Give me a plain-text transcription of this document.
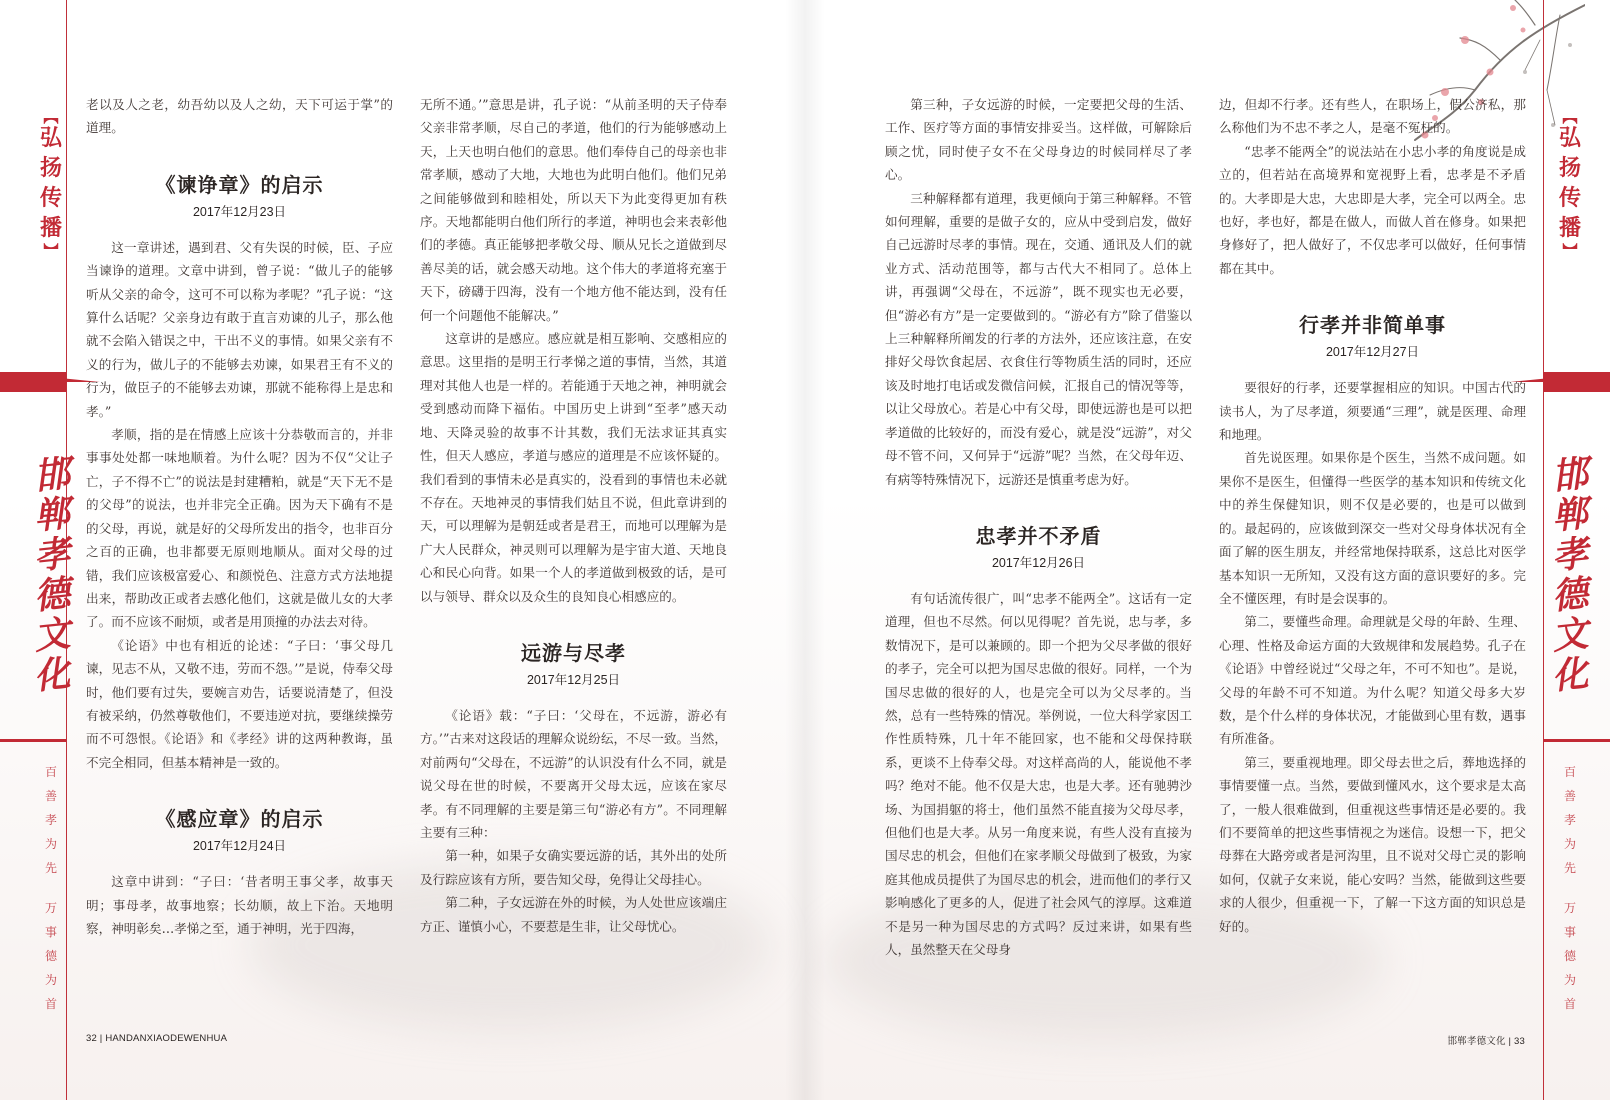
︻
弘
扬
传
播
︼
邯
郸
孝
德
文
化
百
善
孝
为
先
万
事
德
为
首

老以及人之老，幼吾幼以及人之幼，天下可运于掌”的道理。

《谏诤章》的启示
2017年12月23日

这一章讲述，遇到君、父有失误的时候，臣、子应当谏诤的道理。文章中讲到，曾子说：“做儿子的能够听从父亲的命令，这可不可以称为孝呢？”孔子说：“这算什么话呢？父亲身边有敢于直言劝谏的儿子，那么他就不会陷入错误之中，干出不义的事情。如果父亲有不义的行为，做儿子的不能够去劝谏，如果君王有不义的行为，做臣子的不能够去劝谏，那就不能称得上是忠和孝。”

孝顺，指的是在情感上应该十分恭敬而言的，并非事事处处都一味地顺着。为什么呢？因为不仅“父让子亡，子不得不亡”的说法是封建糟粕，就是“天下无不是的父母”的说法，也并非完全正确。因为天下确有不是的父母，再说，就是好的父母所发出的指令，也非百分之百的正确，也非都要无原则地顺从。面对父母的过错，我们应该极富爱心、和颜悦色、注意方式方法地提出来，帮助改正或者去感化他们，这就是做儿女的大孝了。而不应该不耐烦，或者是用顶撞的办法去对待。

《论语》中也有相近的论述：“子曰：‘事父母几谏，见志不从，又敬不违，劳而不怨。’”是说，侍奉父母时，他们要有过失，要婉言劝告，话要说清楚了，但没有被采纳，仍然尊敬他们，不要违逆对抗，要继续操劳而不可怨恨。《论语》和《孝经》讲的这两种教诲，虽不完全相同，但基本精神是一致的。

《感应章》的启示
2017年12月24日

这章中讲到：“子曰：‘昔者明王事父孝，故事天明；事母孝，故事地察；长幼顺，故上下治。天地明察，神明彰矣…孝悌之至，通于神明，光于四海，

无所不通。’”意思是讲，孔子说：“从前圣明的天子侍奉父亲非常孝顺，尽自己的孝道，他们的行为能够感动上天，上天也明白他们的意思。他们奉侍自己的母亲也非常孝顺，感动了大地，大地也为此明白他们。他们兄弟之间能够做到和睦相处，所以天下为此变得更加有秩序。天地都能明白他们所行的孝道，神明也会来表彰他们的孝德。真正能够把孝敬父母、顺从兄长之道做到尽善尽美的话，就会感天动地。这个伟大的孝道将充塞于天下，磅礴于四海，没有一个地方他不能达到，没有任何一个问题他不能解决。”

这章讲的是感应。感应就是相互影响、交感相应的意思。这里指的是明王行孝悌之道的事情，当然，其道理对其他人也是一样的。若能通于天地之神，神明就会受到感动而降下福佑。中国历史上讲到“至孝”感天动地、天降灵验的故事不计其数，我们无法求证其真实性，但天人感应，孝道与感应的道理是不应该怀疑的。我们看到的事情未必是真实的，没看到的事情也未必就不存在。天地神灵的事情我们姑且不说，但此章讲到的天，可以理解为是朝廷或者是君王，而地可以理解为是广大人民群众，神灵则可以理解为是宇宙大道、天地良心和民心向背。如果一个人的孝道做到极致的话，是可以与领导、群众以及众生的良知良心相感应的。

远游与尽孝
2017年12月25日

《论语》载：“子曰：‘父母在，不远游，游必有方。’”古来对这段话的理解众说纷纭，不尽一致。当然，对前两句“父母在，不远游”的认识没有什么不同，就是说父母在世的时候，不要离开父母太远，应该在家尽孝。有不同理解的主要是第三句“游必有方”。不同理解主要有三种：

第一种，如果子女确实要远游的话，其外出的处所及行踪应该有方所，要告知父母，免得让父母挂心。

第二种，子女远游在外的时候，为人处世应该端庄方正、谨慎小心，不要惹是生非，让父母忧心。

32 | HANDANXIAODEWENHUA
︻
弘
扬
传
播
︼
邯
郸
孝
德
文
化
百
善
孝
为
先
万
事
德
为
首

第三种，子女远游的时候，一定要把父母的生活、工作、医疗等方面的事情安排妥当。这样做，可解除后顾之忧，同时使子女不在父母身边的时候同样尽了孝心。

三种解释都有道理，我更倾向于第三种解释。不管如何理解，重要的是做子女的，应从中受到启发，做好自己远游时尽孝的事情。现在，交通、通讯及人们的就业方式、活动范围等，都与古代大不相同了。总体上讲，再强调“父母在，不远游”，既不现实也无必要，但“游必有方”是一定要做到的。“游必有方”除了借鉴以上三种解释所阐发的行孝的方法外，还应该注意，在安排好父母饮食起居、衣食住行等物质生活的同时，还应该及时地打电话或发微信问候，汇报自己的情况等等，以让父母放心。若是心中有父母，即使远游也是可以把孝道做的比较好的，而没有爱心，就是没“远游”，对父母不管不问，又何异于“远游”呢？当然，在父母年迈、有病等特殊情况下，远游还是慎重考虑为好。

忠孝并不矛盾
2017年12月26日

有句话流传很广，叫“忠孝不能两全”。这话有一定道理，但也不尽然。何以见得呢？首先说，忠与孝，多数情况下，是可以兼顾的。即一个把为父尽孝做的很好的孝子，完全可以把为国尽忠做的很好。同样，一个为国尽忠做的很好的人，也是完全可以为父尽孝的。当然，总有一些特殊的情况。举例说，一位大科学家因工作性质特殊，几十年不能回家，也不能和父母保持联系，更谈不上侍奉父母。对这样高尚的人，能说他不孝吗？绝对不能。他不仅是大忠，也是大孝。还有驰骋沙场、为国捐躯的将士，他们虽然不能直接为父母尽孝，但他们也是大孝。从另一角度来说，有些人没有直接为国尽忠的机会，但他们在家孝顺父母做到了极致，为家庭其他成员提供了为国尽忠的机会，进而他们的孝行又影响感化了更多的人，促进了社会风气的淳厚。这难道不是另一种为国尽忠的方式吗？反过来讲，如果有些人，虽然整天在父母身

边，但却不行孝。还有些人，在职场上，假公济私，那么称他们为不忠不孝之人，是毫不冤枉的。

“忠孝不能两全”的说法站在小忠小孝的角度说是成立的，但若站在高境界和宽视野上看，忠孝是不矛盾的。大孝即是大忠，大忠即是大孝，完全可以两全。忠也好，孝也好，都是在做人，而做人首在修身。如果把身修好了，把人做好了，不仅忠孝可以做好，任何事情都在其中。

行孝并非简单事
2017年12月27日

要很好的行孝，还要掌握相应的知识。中国古代的读书人，为了尽孝道，须要通“三理”，就是医理、命理和地理。

首先说医理。如果你是个医生，当然不成问题。如果你不是医生，但懂得一些医学的基本知识和传统文化中的养生保健知识，则不仅是必要的，也是可以做到的。最起码的，应该做到深交一些对父母身体状况有全面了解的医生朋友，并经常地保持联系，这总比对医学基本知识一无所知，又没有这方面的意识要好的多。完全不懂医理，有时是会误事的。

第二，要懂些命理。命理就是父母的年龄、生理、心理、性格及命运方面的大致规律和发展趋势。孔子在《论语》中曾经说过“父母之年，不可不知也”。是说，父母的年龄不可不知道。为什么呢？知道父母多大岁数，是个什么样的身体状况，才能做到心里有数，遇事有所准备。

第三，要重视地理。即父母去世之后，葬地选择的事情要懂一点。当然，要做到懂风水，这个要求是太高了，一般人很难做到，但重视这些事情还是必要的。我们不要简单的把这些事情视之为迷信。设想一下，把父母葬在大路旁或者是河沟里，且不说对父母亡灵的影响如何，仅就子女来说，能心安吗？当然，能做到这些要求的人很少，但重视一下，了解一下这方面的知识总是好的。

邯郸孝德文化 | 33
